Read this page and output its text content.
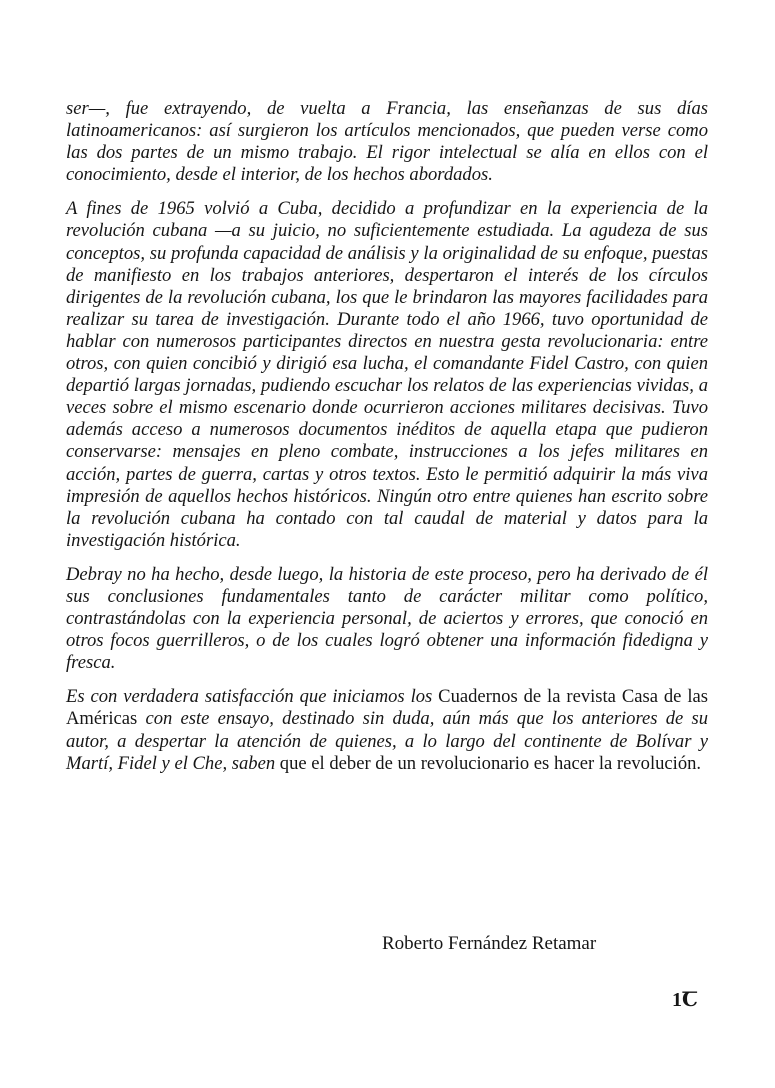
ser—, fue extrayendo, de vuelta a Francia, las enseñanzas de sus días latinoamericanos: así surgieron los artículos mencionados, que pueden verse como las dos partes de un mismo trabajo. El rigor intelectual se alía en ellos con el conocimiento, desde el interior, de los hechos abordados.

A fines de 1965 volvió a Cuba, decidido a profundizar en la experiencia de la revolución cubana —a su juicio, no suficientemente estudiada. La agudeza de sus conceptos, su profunda capacidad de análisis y la originalidad de su enfoque, puestas de manifiesto en los trabajos anteriores, despertaron el interés de los círculos dirigentes de la revolución cubana, los que le brindaron las mayores facilidades para realizar su tarea de investigación. Durante todo el año 1966, tuvo oportunidad de hablar con numerosos participantes directos en nuestra gesta revolucionaria: entre otros, con quien concibió y dirigió esa lucha, el comandante Fidel Castro, con quien departió largas jornadas, pudiendo escuchar los relatos de las experiencias vividas, a veces sobre el mismo escenario donde ocurrieron acciones militares decisivas. Tuvo además acceso a numerosos documentos inéditos de aquella etapa que pudieron conservarse: mensajes en pleno combate, instrucciones a los jefes militares en acción, partes de guerra, cartas y otros textos. Esto le permitió adquirir la más viva impresión de aquellos hechos históricos. Ningún otro entre quienes han escrito sobre la revolución cubana ha contado con tal caudal de material y datos para la investigación histórica.

Debray no ha hecho, desde luego, la historia de este proceso, pero ha derivado de él sus conclusiones fundamentales tanto de carácter militar como político, contrastándolas con la experiencia personal, de aciertos y errores, que conoció en otros focos guerrilleros, o de los cuales logró obtener una información fidedigna y fresca.

Es con verdadera satisfacción que iniciamos los Cuadernos de la revista Casa de las Américas con este ensayo, destinado sin duda, aún más que los anteriores de su autor, a despertar la atención de quienes, a lo largo del continente de Bolívar y Martí, Fidel y el Che, saben que el deber de un revolucionario es hacer la revolución.

Roberto Fernández Retamar
1Ꞇ
